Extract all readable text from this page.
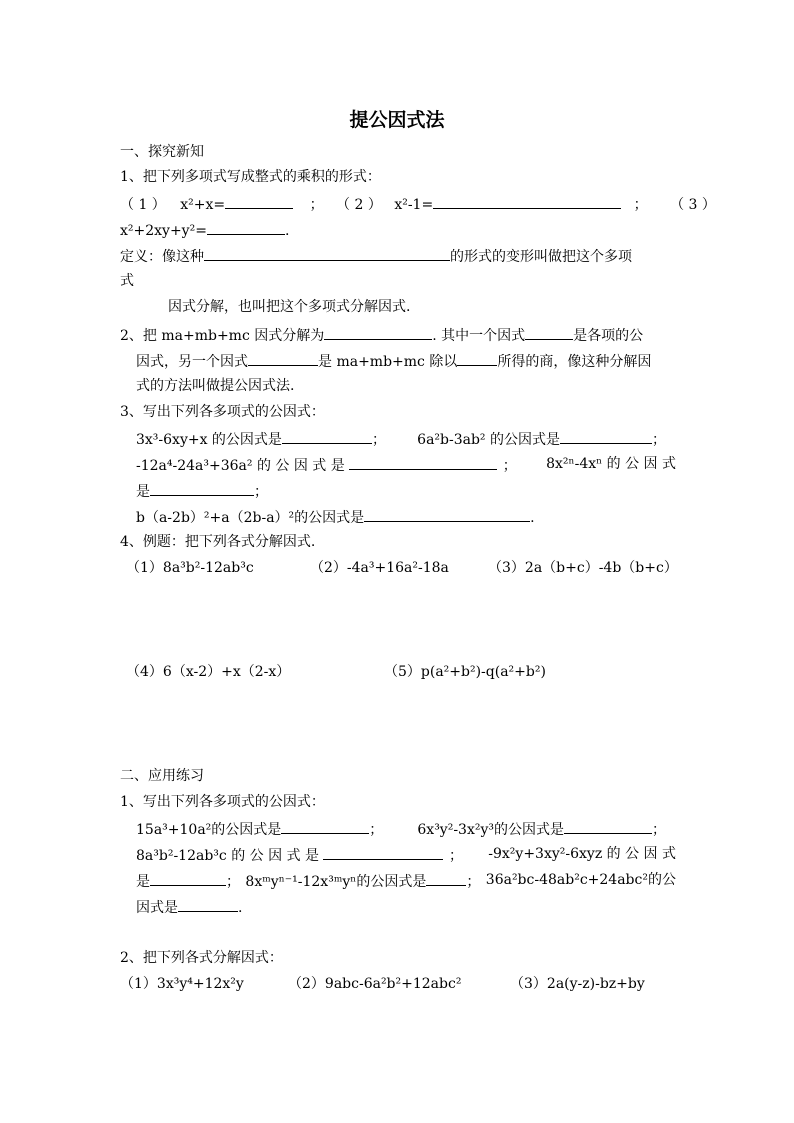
提公因式法
一、探究新知
1、把下列多项式写成整式的乘积的形式：
（ 1 ） x²+x=	； （ 2 ） x²-1=	； （ 3 ）
x²+2xy+y²=	.
定义：像这种	的形式的变形叫做把这个多项
式
因式分解，也叫把这个多项式分解因式.
2、把 ma+mb+mc 因式分解为	. 其中一个因式	是各项的公
因式，另一个因式	是 ma+mb+mc 除以	所得的商，像这种分解因
式的方法叫做提公因式法.
3、写出下列各多项式的公因式：
3x³-6xy+x 的公因式是	； 6a²b-3ab² 的公因式是	；
-12a⁴-24a³+36a² 的 公 因 式 是	； 8x²ⁿ-4xⁿ 的 公 因 式
是	；
b（a-2b）²+a（2b-a）²的公因式是	.
4、例题：把下列各式分解因式.
（1）8a³b²-12ab³c	（2）-4a³+16a²-18a	（3）2a（b+c）-4b（b+c）
（4）6（x-2）+x（2-x）	（5）p(a²+b²)-q(a²+b²)
二、应用练习
1、写出下列各多项式的公因式：
15a³+10a²的公因式是	； 6x³y²-3x²y³的公因式是	；
8a³b²-12ab³c 的 公 因 式 是	； -9x²y+3xy²-6xyz 的 公 因 式
是	； 8xᵐyⁿ⁻¹-12x³ᵐyⁿ的公因式是	； 36a²bc-48ab²c+24abc²的公
因式是	.
2、把下列各式分解因式：
（1）3x³y⁴+12x²y	（2）9abc-6a²b²+12abc²	（3）2a(y-z)-bz+by
